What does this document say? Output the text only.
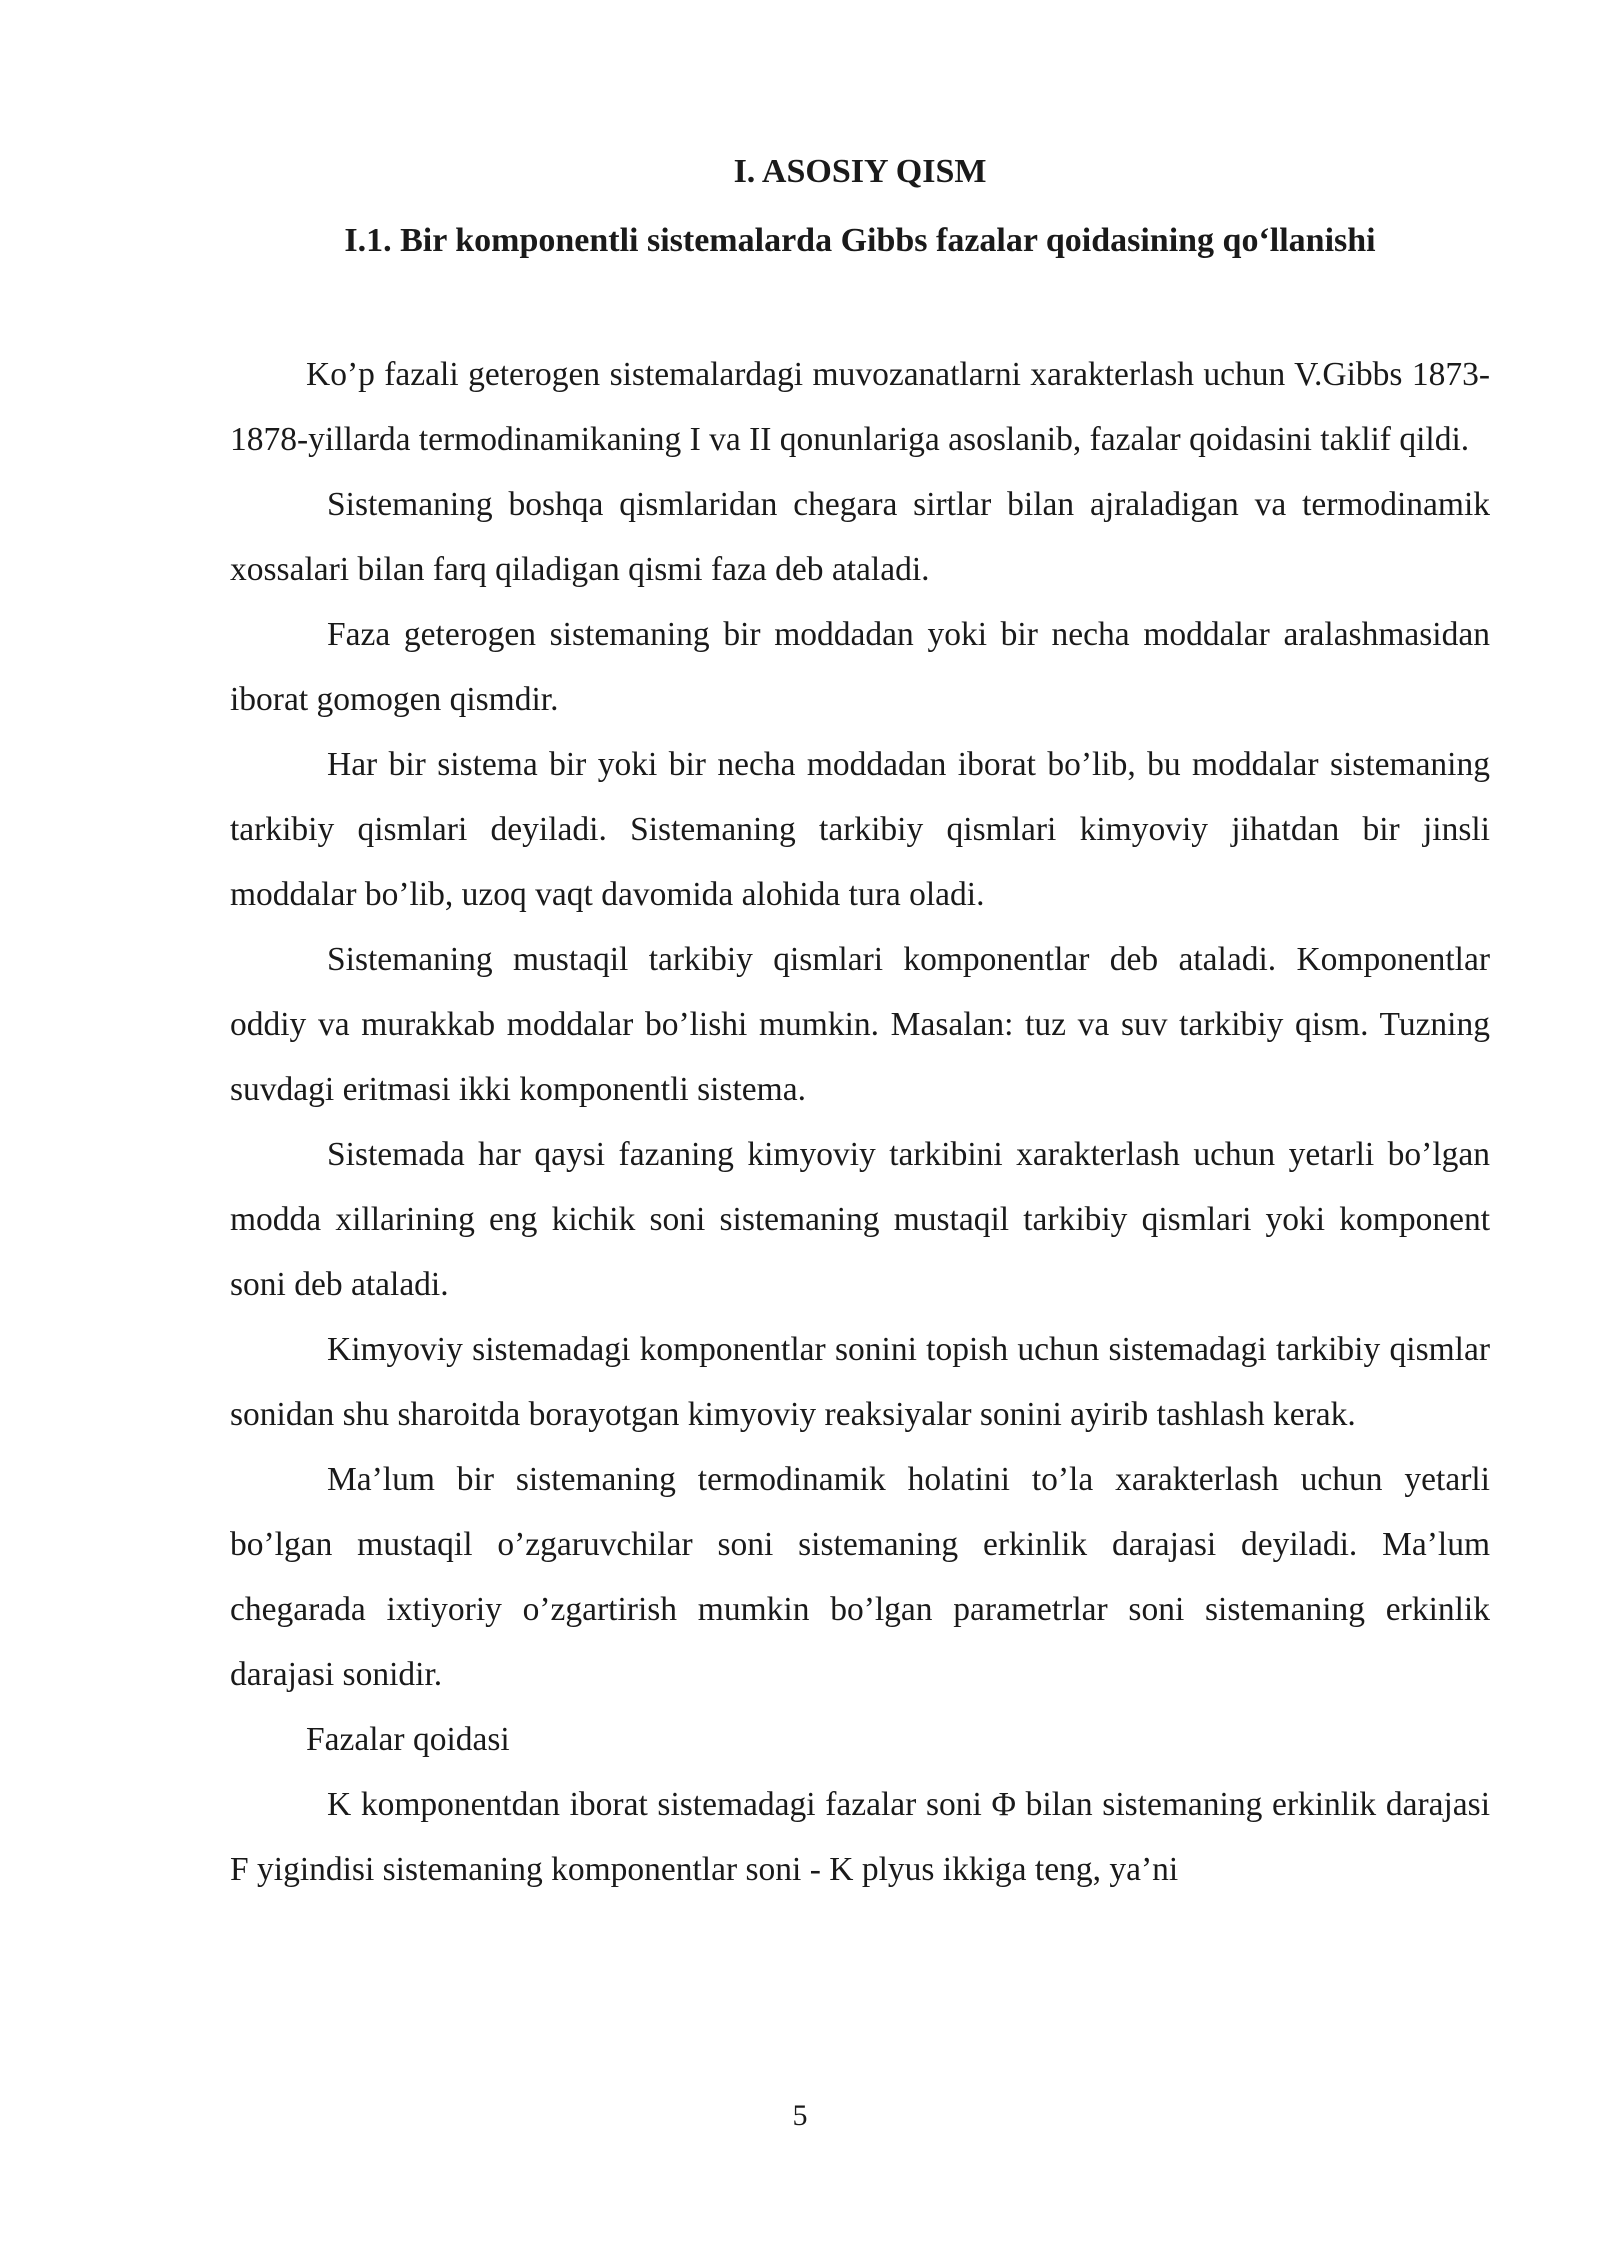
I. ASOSIY QISM
I.1. Bir komponentli sistemalarda Gibbs fazalar qoidasining qo‘llanishi

Ko’p fazali geterogen sistemalardagi muvozanatlarni xarakterlash uchun V.Gibbs 1873-1878-yillarda termodinamikaning I va II qonunlariga asoslanib, fazalar qoidasini taklif qildi.

Sistemaning boshqa qismlaridan chegara sirtlar bilan ajraladigan va termodinamik xossalari bilan farq qiladigan qismi faza deb ataladi.

Faza geterogen sistemaning bir moddadan yoki bir necha moddalar aralashmasidan iborat gomogen qismdir.

Har bir sistema bir yoki bir necha moddadan iborat bo’lib, bu moddalar sistemaning tarkibiy qismlari deyiladi. Sistemaning tarkibiy qismlari kimyoviy jihatdan bir jinsli moddalar bo’lib, uzoq vaqt davomida alohida tura oladi.

Sistemaning mustaqil tarkibiy qismlari komponentlar deb ataladi. Komponentlar oddiy va murakkab moddalar bo’lishi mumkin. Masalan: tuz va suv tarkibiy qism. Tuzning suvdagi eritmasi ikki komponentli sistema.

Sistemada har qaysi fazaning kimyoviy tarkibini xarakterlash uchun yetarli bo’lgan modda xillarining eng kichik soni sistemaning mustaqil tarkibiy qismlari yoki komponent soni deb ataladi.

Kimyoviy sistemadagi komponentlar sonini topish uchun sistemadagi tarkibiy qismlar sonidan shu sharoitda borayotgan kimyoviy reaksiyalar sonini ayirib tashlash kerak.

Ma’lum bir sistemaning termodinamik holatini to’la xarakterlash uchun yetarli bo’lgan mustaqil o’zgaruvchilar soni sistemaning erkinlik darajasi deyiladi. Ma’lum chegarada ixtiyoriy o’zgartirish mumkin bo’lgan parametrlar soni sistemaning erkinlik darajasi sonidir.

Fazalar qoidasi

K komponentdan iborat sistemadagi fazalar soni Φ bilan sistemaning erkinlik darajasi F yigindisi sistemaning komponentlar soni - K plyus ikkiga teng, ya’ni

5
